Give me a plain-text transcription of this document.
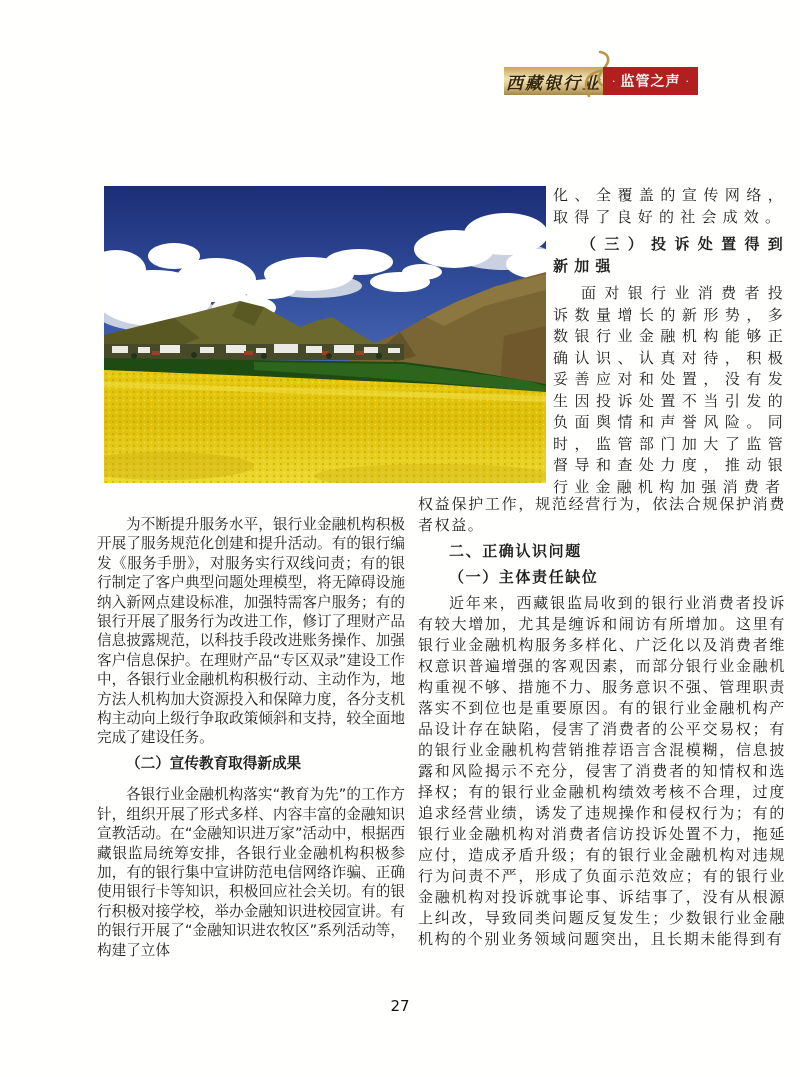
西藏银行业 · 监管之声 ·

为不断提升服务水平，银行业金融机构积极开展了服务规范化创建和提升活动。有的银行编发《服务手册》，对服务实行双线问责；有的银行制定了客户典型问题处理模型，将无障碍设施纳入新网点建设标准，加强特需客户服务；有的银行开展了服务行为改进工作，修订了理财产品信息披露规范，以科技手段改进账务操作、加强客户信息保护。在理财产品“专区双录”建设工作中，各银行业金融机构积极行动、主动作为，地方法人机构加大资源投入和保障力度，各分支机构主动向上级行争取政策倾斜和支持，较全面地完成了建设任务。

（二）宣传教育取得新成果

各银行业金融机构落实“教育为先”的工作方针，组织开展了形式多样、内容丰富的金融知识宣教活动。在“金融知识进万家”活动中，根据西藏银监局统筹安排，各银行业金融机构积极参加，有的银行集中宣讲防范电信网络诈骗、正确使用银行卡等知识，积极回应社会关切。有的银行积极对接学校，举办金融知识进校园宣讲。有的银行开展了“金融知识进农牧区”系列活动等，构建了立体

化、全覆盖的宣传网络，取得了良好的社会成效。

（三）投诉处置得到新加强

面对银行业消费者投诉数量增长的新形势，多数银行业金融机构能够正确认识、认真对待，积极妥善应对和处置，没有发生因投诉处置不当引发的负面舆情和声誉风险。同时，监管部门加大了监管督导和查处力度，推动银行业金融机构加强消费者

权益保护工作，规范经营行为，依法合规保护消费者权益。

二、正确认识问题

（一）主体责任缺位

近年来，西藏银监局收到的银行业消费者投诉有较大增加，尤其是缠诉和闹访有所增加。这里有银行业金融机构服务多样化、广泛化以及消费者维权意识普遍增强的客观因素，而部分银行业金融机构重视不够、措施不力、服务意识不强、管理职责落实不到位也是重要原因。有的银行业金融机构产品设计存在缺陷，侵害了消费者的公平交易权；有的银行业金融机构营销推荐语言含混模糊，信息披露和风险揭示不充分，侵害了消费者的知情权和选择权；有的银行业金融机构绩效考核不合理，过度追求经营业绩，诱发了违规操作和侵权行为；有的银行业金融机构对消费者信访投诉处置不力，拖延应付，造成矛盾升级；有的银行业金融机构对违规行为问责不严，形成了负面示范效应；有的银行业金融机构对投诉就事论事、诉结事了，没有从根源上纠改，导致同类问题反复发生；少数银行业金融机构的个别业务领域问题突出，且长期未能得到有

27
